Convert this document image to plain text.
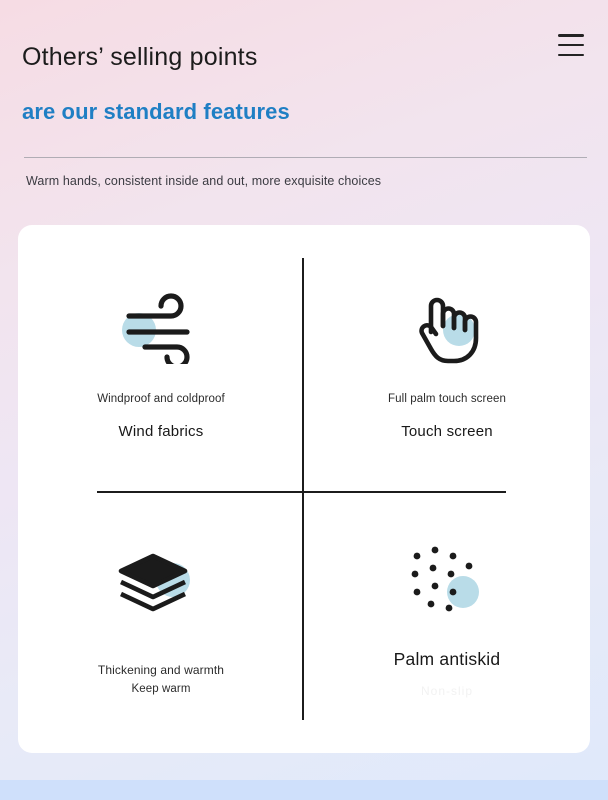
Others’ selling points
are our standard features

Warm hands, consistent inside and out, more exquisite choices

Windproof and coldproof
Wind fabrics
Full palm touch screen
Touch screen
Thickening and warmth
Keep warm
Palm antiskid
Non-slip
